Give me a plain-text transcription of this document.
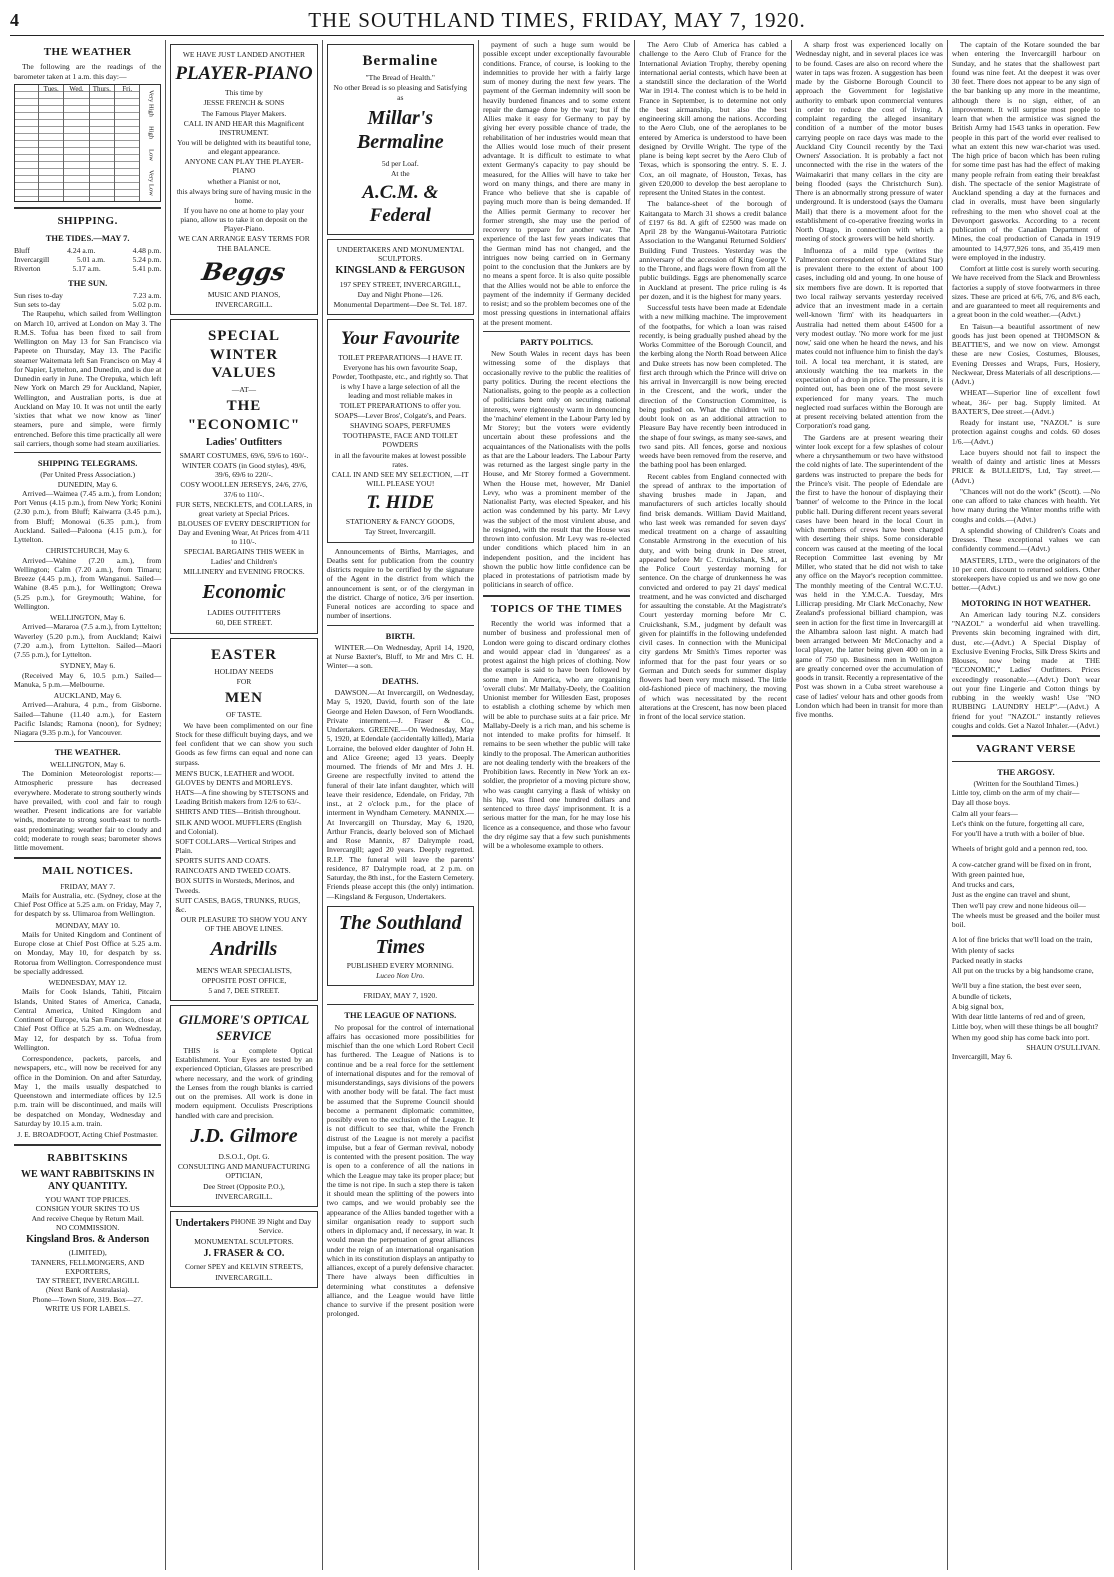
4	THE SOUTHLAND TIMES, FRIDAY, MAY 7, 1920.
THE WEATHER

The following are the readings of the barometer taken at 1 a.m. this day:—

Tues.	Wed.	Thurs.	Fri.
Very High
High
Low
Very Low
SHIPPING.
THE TIDES.—MAY 7.
Bluff	4.24 a.m.	4.48 p.m.
Invercargill	5.01 a.m.	5.24 p.m.
Riverton	5.17 a.m.	5.41 p.m.
THE SUN.
Sun rises to-day	7.23 a.m.
Sun sets to-day	5.02 p.m.

The Raupehu, which sailed from Wellington on March 10, arrived at London on May 3. The R.M.S. Tofua has been fixed to sail from Wellington on May 13 for San Francisco via Papeete on Thursday, May 13. The Pacific steamer Waitemata left San Francisco on May 4 for Napier, Lyttelton, and Dunedin, and is due at Dunedin early in June. The Orepuka, which left New York on March 29 for Auckland, Napier, Wellington, and Australian ports, is due at Auckland on May 10. It was not until the early 'sixties that what we now know as 'liner' steamers, pure and simple, were firmly entrenched. Before this time practically all were sail carriers, though some had steam auxiliaries.

SHIPPING TELEGRAMS.
(Per United Press Association.)
DUNEDIN, May 6.

Arrived—Waimea (7.45 a.m.), from London; Port Venus (4.15 p.m.), from New York; Konini (2.30 p.m.), from Bluff; Kaiwarra (3.45 p.m.), from Bluff; Monowai (6.35 p.m.), from Auckland. Sailed—Paloona (4.15 p.m.), for Lyttelton.

CHRISTCHURCH, May 6.

Arrived—Wahine (7.20 a.m.), from Wellington; Calm (7.20 a.m.), from Timaru; Breeze (4.45 p.m.), from Wanganui. Sailed—Wahine (8.45 p.m.), for Wellington; Orewa (5.25 p.m.), for Greymouth; Wahine, for Wellington.

WELLINGTON, May 6.

Arrived—Mararoa (7.5 a.m.), from Lyttelton; Waverley (5.20 p.m.), from Auckland; Kaiwi (7.20 a.m.), from Lyttelton. Sailed—Maori (7.55 p.m.), for Lyttelton.

SYDNEY, May 6.

(Received May 6, 10.5 p.m.) Sailed—Manuka, 5 p.m.—Melbourne.

AUCKLAND, May 6.

Arrived—Arahura, 4 p.m., from Gisborne. Sailed—Tahune (11.40 a.m.), for Eastern Pacific Islands; Ramona (noon), for Sydney; Niagara (9.35 p.m.), for Vancouver.

THE WEATHER.
WELLINGTON, May 6.

The Dominion Meteorologist reports:—Atmospheric pressure has decreased everywhere. Moderate to strong southerly winds have prevailed, with cool and fair to rough weather. Present indications are for variable winds, moderate to strong south-east to north-east predominating; weather fair to cloudy and cold; moderate to rough seas; barometer shows little movement.

MAIL NOTICES.
FRIDAY, MAY 7.

Mails for Australia, etc. (Sydney, close at the Chief Post Office at 5.25 a.m. on Friday, May 7, for despatch by ss. Ulimaroa from Wellington.

MONDAY, MAY 10.

Mails for United Kingdom and Continent of Europe close at Chief Post Office at 5.25 a.m. on Monday, May 10, for despatch by ss. Rotorua from Wellington. Correspondence must be specially addressed.

WEDNESDAY, MAY 12.

Mails for Cook Islands, Tahiti, Pitcairn Islands, United States of America, Canada, Central America, United Kingdom and Continent of Europe, via San Francisco, close at Chief Post Office at 5.25 a.m. on Wednesday, May 12, for despatch by ss. Tofua from Wellington.

Correspondence, packets, parcels, and newspapers, etc., will now be received for any office in the Dominion. On and after Saturday, May 1, the mails usually despatched to Queenstown and intermediate offices by 12.5 p.m. train will be discontinued, and mails will be despatched on Monday, Wednesday and Saturday by 10.15 a.m. train.

J. E. BROADFOOT, Acting Chief Postmaster.
RABBITSKINS
WE WANT RABBITSKINS IN ANY QUANTITY.
YOU WANT TOP PRICES.
CONSIGN YOUR SKINS TO US
And receive Cheque by Return Mail.
NO COMMISSION.
Kingsland Bros. & Anderson
(LIMITED),
TANNERS, FELLMONGERS, AND EXPORTERS,
TAY STREET, INVERCARGILL
(Next Bank of Australasia).
Phone—Town Store, 319. Box—27.
WRITE US FOR LABELS.
WE HAVE JUST LANDED ANOTHER
PLAYER-PIANO
This time by
JESSE FRENCH & SONS
The Famous Player Makers.
CALL IN AND HEAR this Magnificent INSTRUMENT.
You will be delighted with its beautiful tone, and elegant appearance.
ANYONE CAN PLAY THE PLAYER-PIANO
whether a Pianist or not,
this always bring sure of having music in the home.
If you have no one at home to play your piano, allow us to take it on deposit on the Player-Piano.
WE CAN ARRANGE EASY TERMS FOR THE BALANCE.
Beggs
MUSIC AND PIANOS,
INVERCARGILL.
SPECIAL WINTER VALUES
—AT—
THE "ECONOMIC"
Ladies' Outfitters
SMART COSTUMES, 69/6, 59/6 to 160/-.
WINTER COATS (in Good styles), 49/6, 39/6, 69/6 to 220/-.
COSY WOOLLEN JERSEYS, 24/6, 27/6, 37/6 to 110/-.
FUR SETS, NECKLETS, and COLLARS, in great variety at Special Prices.
BLOUSES OF EVERY DESCRIPTION for Day and Evening Wear, At Prices from 4/11 to 110/-.
SPECIAL BARGAINS THIS WEEK in Ladies' and Children's
MILLINERY and EVENING FROCKS.
Economic
LADIES OUTFITTERS
60, DEE STREET.
EASTER
HOLIDAY NEEDS
FOR
MEN
OF TASTE.

We have been complimented on our fine Stock for these difficult buying days, and we feel confident that we can show you such Goods as few firms can equal and none can surpass.

MEN'S BUCK, LEATHER and WOOL GLOVES by DENTS and MORLEYS.
HATS—A fine showing by STETSONS and Leading British makers from 12/6 to 63/-.
SHIRTS AND TIES—British throughout.
SILK AND WOOL MUFFLERS (English and Colonial).
SOFT COLLARS—Vertical Stripes and Plain.
SPORTS SUITS AND COATS.
RAINCOATS AND TWEED COATS.
BOX SUITS in Worsteds, Merinos, and Tweeds.
SUIT CASES, BAGS, TRUNKS, RUGS, &c.
OUR PLEASURE TO SHOW YOU ANY OF THE ABOVE LINES.
Andrills
MEN'S WEAR SPECIALISTS,
OPPOSITE POST OFFICE,
5 and 7, DEE STREET.
GILMORE'S OPTICAL SERVICE

THIS is a complete Optical Establishment. Your Eyes are tested by an experienced Optician, Glasses are prescribed where necessary, and the work of grinding the Lenses from the rough blanks is carried out on the premises. All work is done in modern equipment. Occulists Prescriptions handled with care and precision.

J.D. Gilmore
D.S.O.I., Opt. G.
CONSULTING AND MANUFACTURING OPTICIAN,
Dee Street (Opposite P.O.),
INVERCARGILL.
Undertakers PHONE 39 Night and Day Service.
MONUMENTAL SCULPTORS.
J. FRASER & CO.
Corner SPEY and KELVIN STREETS,
INVERCARGILL.
Bermaline
"The Bread of Health."
No other Bread is so pleasing and Satisfying as
Millar's Bermaline
5d per Loaf.
At the
A.C.M. & Federal
UNDERTAKERS AND MONUMENTAL SCULPTORS.
KINGSLAND & FERGUSON
197 SPEY STREET, INVERCARGILL,
Day and Night Phone—126.
Monumental Department—Dee St. Tel. 187.
Your Favourite
TOILET PREPARATIONS—I HAVE IT.
Everyone has his own favourite Soap, Powder, Toothpaste, etc., and rightly so. That is why I have a large selection of all the leading and most reliable makes in
TOILET PREPARATIONS to offer you.
SOAPS—Lever Bros', Colgate's, and Pears.
SHAVING SOAPS, PERFUMES
TOOTHPASTE, FACE AND TOILET POWDERS
in all the favourite makes at lowest possible rates.
CALL IN AND SEE MY SELECTION, —IT WILL PLEASE YOU!
T. HIDE
STATIONERY & FANCY GOODS,
Tay Street, Invercargill.

Announcements of Births, Marriages, and Deaths sent for publication from the country districts require to be certified by the signature of the Agent in the district from which the announcement is sent, or of the clergyman in the district. Charge of notice, 3/6 per insertion. Funeral notices are according to space and number of insertions.

BIRTH.

WINTER.—On Wednesday, April 14, 1920, at Nurse Baxter's, Bluff, to Mr and Mrs C. H. Winter—a son.

DEATHS.

DAWSON.—At Invercargill, on Wednesday, May 5, 1920, David, fourth son of the late George and Helen Dawson, of Fern Woodlands. Private interment.—J. Fraser & Co., Undertakers. GREENE.—On Wednesday, May 5, 1920, at Edendale (accidentally killed), Maria Lorraine, the beloved elder daughter of John H. and Alice Greene; aged 13 years. Deeply mourned. The friends of Mr and Mrs J. H. Greene are respectfully invited to attend the funeral of their late infant daughter, which will leave their residence, Edendale, on Friday, 7th inst., at 2 o'clock p.m., for the place of interment in Wyndham Cemetery. MANNIX.—At Invercargill on Thursday, May 6, 1920, Arthur Francis, dearly beloved son of Michael and Rose Mannix, 87 Dalrymple road, Invercargill; aged 20 years. Deeply regretted. R.I.P. The funeral will leave the parents' residence, 87 Dalrymple road, at 2 p.m. on Saturday, the 8th inst., for the Eastern Cemetery. Friends please accept this (the only) intimation.—Kingsland & Ferguson, Undertakers.

The Southland Times
PUBLISHED EVERY MORNING.
Luceo Non Uro.
FRIDAY, MAY 7, 1920.
THE LEAGUE OF NATIONS.

No proposal for the control of international affairs has occasioned more possibilities for mischief than the one which Lord Robert Cecil has furthered. The League of Nations is to continue and be a real force for the settlement of international disputes and for the removal of misunderstandings, says divisions of the powers with another body will be fatal. The fact must be assumed that the Supreme Council should become a permanent diplomatic committee, possibly even to the exclusion of the League. It is not difficult to see that, while the French distrust of the League is not merely a pacifist impulse, but a fear of German revival, nobody is contented with the present position. The way is open to a conference of all the nations in which the League may take its proper place; but the time is not ripe. In such a step there is taken it should mean the splitting of the powers into two camps, and we would probably see the appearance of the Allies banded together with a similar organisation ready to support such others in diplomacy and, if necessary, in war. It would mean the perpetuation of great alliances under the reign of an international organisation which in its constitution displays an antipathy to alliances, except of a purely defensive character. There have always been difficulties in determining what constitutes a defensive alliance, and the League would have little chance to survive if the present position were prolonged.

payment of such a huge sum would be possible except under exceptionally favourable conditions. France, of course, is looking to the indemnities to provide her with a fairly large sum of money during the next few years. The payment of the German indemnity will soon be heavily burdened finances and to some extent repair the damage done by the war; but if the Allies make it easy for Germany to pay by giving her every possible chance of trade, the rehabilitation of her industries would mean that the Allies would lose much of their present advantage. It is difficult to estimate to what extent Germany's capacity to pay should be measured, for the Allies will have to take her word on many things, and there are many in France who believe that she is capable of paying much more than is being demanded. If the Allies permit Germany to recover her former strength, she may use the period of recovery to prepare for another war. The experience of the last few years indicates that the German mind has not changed, and the intrigues now being carried on in Germany point to the conclusion that the Junkers are by no means a spent force. It is also quite possible that the Allies would not be able to enforce the payment of the indemnity if Germany decided to resist; and so the problem becomes one of the most pressing questions in international affairs at the present moment.

PARTY POLITICS.

New South Wales in recent days has been witnessing some of the displays that occasionally revive to the public the realities of party politics. During the recent elections the Nationalists, going to the people as a collection of politicians bent only on securing national interests, were righteously warm in denouncing the 'machine' element in the Labour Party led by Mr Storey; but the voters were evidently uncertain about these professions and the acquaintances of the Nationalists with the polls as that are the Labour leaders. The Labour Party was returned as the largest single party in the House, and Mr Storey formed a Government. When the House met, however, Mr Daniel Levy, who was a prominent member of the Nationalist Party, was elected Speaker, and his action was condemned by his party. Mr Levy was the subject of the most virulent abuse, and he resigned, with the result that the House was thrown into confusion. Mr Levy was re-elected under conditions which placed him in an independent position, and the incident has shown the public how little confidence can be placed in protestations of patriotism made by politicians in search of office.

TOPICS OF THE TIMES

Recently the world was informed that a number of business and professional men of London were going to discard ordinary clothes and would appear clad in 'dungarees' as a protest against the high prices of clothing. Now the example is said to have been followed by some men in America, who are organising 'overall clubs'. Mr Mallaby-Deely, the Coalition Unionist member for Willesden East, proposes to establish a clothing scheme by which men will be able to purchase suits at a fair price. Mr Mallaby-Deely is a rich man, and his scheme is not intended to make profits for himself. It remains to be seen whether the public will take kindly to the proposal. The American authorities are not dealing tenderly with the breakers of the Prohibition laws. Recently in New York an ex-soldier, the proprietor of a moving picture show, who was caught carrying a flask of whisky on his hip, was fined one hundred dollars and sentenced to three days' imprisonment. It is a serious matter for the man, for he may lose his licence as a consequence, and those who favour the dry régime say that a few such punishments will be a wholesome example to others.

The Aero Club of America has cabled a challenge to the Aero Club of France for the International Aviation Trophy, thereby opening international aerial contests, which have been at a standstill since the declaration of the World War in 1914. The contest which is to be held in France in September, is to determine not only the best airmanship, but also the best engineering skill among the nations. According to the Aero Club, one of the aeroplanes to be entered by America is understood to have been designed by Orville Wright. The type of the plane is being kept secret by the Aero Club of Texas, which is sponsoring the entry. S. E. J. Cox, an oil magnate, of Houston, Texas, has given £20,000 to develop the best aeroplane to represent the United States in the contest.

The balance-sheet of the borough of Kaitangata to March 31 shows a credit balance of £197 6s 8d. A gift of £2500 was made on April 28 by the Wanganui-Waitotara Patriotic Association to the Wanganui Returned Soldiers' Building Fund Trustees. Yesterday was the anniversary of the accession of King George V. to the Throne, and flags were flown from all the public buildings. Eggs are phenomenally scarce in Auckland at present. The price ruling is 4s per dozen, and it is the highest for many years.

Successful tests have been made at Edendale with a new milking machine. The improvement of the footpaths, for which a loan was raised recently, is being gradually pushed ahead by the Works Committee of the Borough Council, and the kerbing along the North Road between Alice and Duke streets has now been completed. The first arch through which the Prince will drive on his arrival in Invercargill is now being erected in the Crescent, and the work, under the direction of the Construction Committee, is being pushed on. What the children will no doubt look on as an additional attraction to Pleasure Bay have recently been introduced in the shape of four swings, as many see-saws, and two sand pits. All fences, gorse and noxious weeds have been removed from the reserve, and the bathing pool has been enlarged.

Recent cables from England connected with the spread of anthrax to the importation of shaving brushes made in Japan, and manufacturers of such articles locally should find brisk demands. William David Maitland, who last week was remanded for seven days' medical treatment on a charge of assaulting Constable Armstrong in the execution of his duty, and with being drunk in Dee street, appeared before Mr C. Cruickshank, S.M., at the Police Court yesterday morning for sentence. On the charge of drunkenness he was convicted and ordered to pay 21 days' medical treatment, and he was convicted and discharged for assaulting the constable. At the Magistrate's Court yesterday morning before Mr C. Cruickshank, S.M., judgment by default was given for plaintiffs in the following undefended civil cases. In connection with the Municipal city gardens Mr Smith's Times reporter was informed that for the past four years or so German and Dutch seeds for summer display flowers had been very much missed. The little old-fashioned piece of machinery, the moving of which was necessitated by the recent alterations at the Crescent, has now been placed in front of the local service station.

A sharp frost was experienced locally on Wednesday night, and in several places ice was to be found. Cases are also on record where the water in taps was frozen. A suggestion has been made by the Gisborne Borough Council to approach the Government for legislative authority to embark upon commercial ventures in order to reduce the cost of living. A complaint regarding the alleged insanitary condition of a number of the motor buses carrying people on race days was made to the Auckland City Council recently by the Taxi Owners' Association. It is probably a fact not unconnected with the rise in the waters of the Waimakariri that many cellars in the city are being flooded (says the Christchurch Sun). There is an abnormally strong pressure of water underground. It is understood (says the Oamaru Mail) that there is a movement afoot for the establishment of co-operative freezing works in North Otago, in connection with which a meeting of stock growers will be held shortly.

Influenza of a mild type (writes the Palmerston correspondent of the Auckland Star) is prevalent there to the extent of about 100 cases, including old and young. In one house of six members five are down. It is reported that two local railway servants yesterday received advice that an investment made in a certain well-known 'firm' with its headquarters in Australia had netted them about £4500 for a very modest outlay. 'No more work for me just now,' said one when he heard the news, and his mates could not influence him to finish the day's toil. A local tea merchant, it is stated, are anxiously watching the tea markets in the expectation of a drop in price. The pressure, it is pointed out, has been one of the most severe experienced for many years. The much neglected road surfaces within the Borough are at present receiving belated attention from the Corporation's road gang.

The Gardens are at present wearing their winter look except for a few splashes of colour where a chrysanthemum or two have withstood the cold nights of late. The superintendent of the gardens was instructed to prepare the beds for the Prince's visit. The people of Edendale are the first to have the honour of displaying their 'banner' of welcome to the Prince in the local public hall. During different recent years several cases have been heard in the local Court in which members of crews have been charged with deserting their ships. Some considerable concern was caused at the meeting of the local Reception Committee last evening by Mr Miller, who stated that he did not wish to take any office on the Mayor's reception committee. The monthly meeting of the Central W.C.T.U. was held in the Y.M.C.A. Tuesday, Mrs Lillicrap presiding. Mr Clark McConachy, New Zealand's professional billiard champion, was seen in action for the first time in Invercargill at the Alhambra saloon last night. A match had been arranged between Mr McConachy and a local player, the latter being given 400 on in a game of 750 up. Business men in Wellington are greatly concerned over the accumulation of goods in transit. Recently a representative of the Post was shown in a Cuba street warehouse a case of ladies' velour hats and other goods from London which had been in transit for more than five months.

The captain of the Kotare sounded the bar when entering the Invercargill harbour on Sunday, and he states that the shallowest part found was nine feet. At the deepest it was over 30 feet. There does not appear to be any sign of the bar banking up any more in the meantime, although there is no sign, either, of an improvement. It will surprise most people to learn that when the armistice was signed the British Army had 1543 tanks in operation. Few people in this part of the world ever realised to what an extent this new war-chariot was used. The high price of bacon which has been ruling for some time past has had the effect of making many people refrain from eating their breakfast dish. The spectacle of the senior Magistrate of Auckland spending a day at the furnaces and clad in overalls, must have been singularly refreshing to the men who shovel coal at the Devonport gasworks. According to a recent publication of the Canadian Department of Mines, the coal production of Canada in 1919 amounted to 14,977,926 tons, and 35,419 men were employed in the industry.

Comfort at little cost is surely worth securing. We have received from the Slack and Brownless factories a supply of stove footwarmers in three sizes. These are priced at 6/6, 7/6, and 8/6 each, and are guaranteed to meet all requirements and a great boon in the cold weather.—(Advt.)

En Taisun—a beautiful assortment of new goods has just been opened at THOMSON & BEATTIE'S, and we now on view. Amongst these are new Cosies, Costumes, Blouses, Evening Dresses and Wraps, Furs, Hosiery, Neckwear, Dress Materials of all descriptions.—(Advt.)

WHEAT—Superior line of excellent fowl wheat, 36/- per bag. Supply limited. At BAXTER'S, Dee street.—(Advt.)

Ready for instant use, "NAZOL" is sure protection against coughs and colds. 60 doses 1/6.—(Advt.)

Lace buyers should not fail to inspect the wealth of dainty and artistic lines at Messrs PRICE & BULLEID'S, Ltd, Tay street.—(Advt.)

"Chances will not do the work" (Scott). —No one can afford to take chances with health. Yet how many during the Winter months trifle with coughs and colds.—(Advt.)

A splendid showing of Children's Coats and Dresses. These exceptional values we can confidently commend.—(Advt.)

MASTERS, LTD., were the originators of the 10 per cent. discount to returned soldiers. Other storekeepers have copied us and we now go one better.—(Advt.)

MOTORING IN HOT WEATHER.

An American lady touring N.Z. considers "NAZOL" a wonderful aid when travelling. Prevents skin becoming ingrained with dirt, dust, etc.—(Advt.) A Special Display of Exclusive Evening Frocks, Silk Dress Skirts and Blouses, now being made at THE "ECONOMIC," Ladies' Outfitters. Prices exceedingly reasonable.—(Advt.) Don't wear out your fine Lingerie and Cotton things by rubbing in the weekly wash! Use "NO RUBBING LAUNDRY HELP".—(Advt.) A friend for you! "NAZOL" instantly relieves coughs and colds. Get a Nazol Inhaler.—(Advt.)

VAGRANT VERSE
THE ARGOSY.
(Written for the Southland Times.)

Little toy, climb on the arm of my chair—

Day all those boys.

Calm all your fears—

Let's think on the future, forgetting all care,

For you'll have a truth with a boiler of blue.

Wheels of bright gold and a pennon red, too.

A cow-catcher grand will be fixed on in front,

With green painted hue,

And trucks and cars,

Just as the engine can travel and shunt,

Then we'll pay crew and none hideous oil—

The wheels must be greased and the boiler must boil.

A lot of fine bricks that we'll load on the train,

With plenty of sacks

Packed neatly in stacks

All put on the trucks by a big handsome crane,

We'll buy a fine station, the best ever seen,

A bundle of tickets,

A big signal box,

With dear little lanterns of red and of green,

Little boy, when will these things be all bought?

When my good ship has come back into port.

SHAUN O'SULLIVAN.
Invercargill, May 6.
